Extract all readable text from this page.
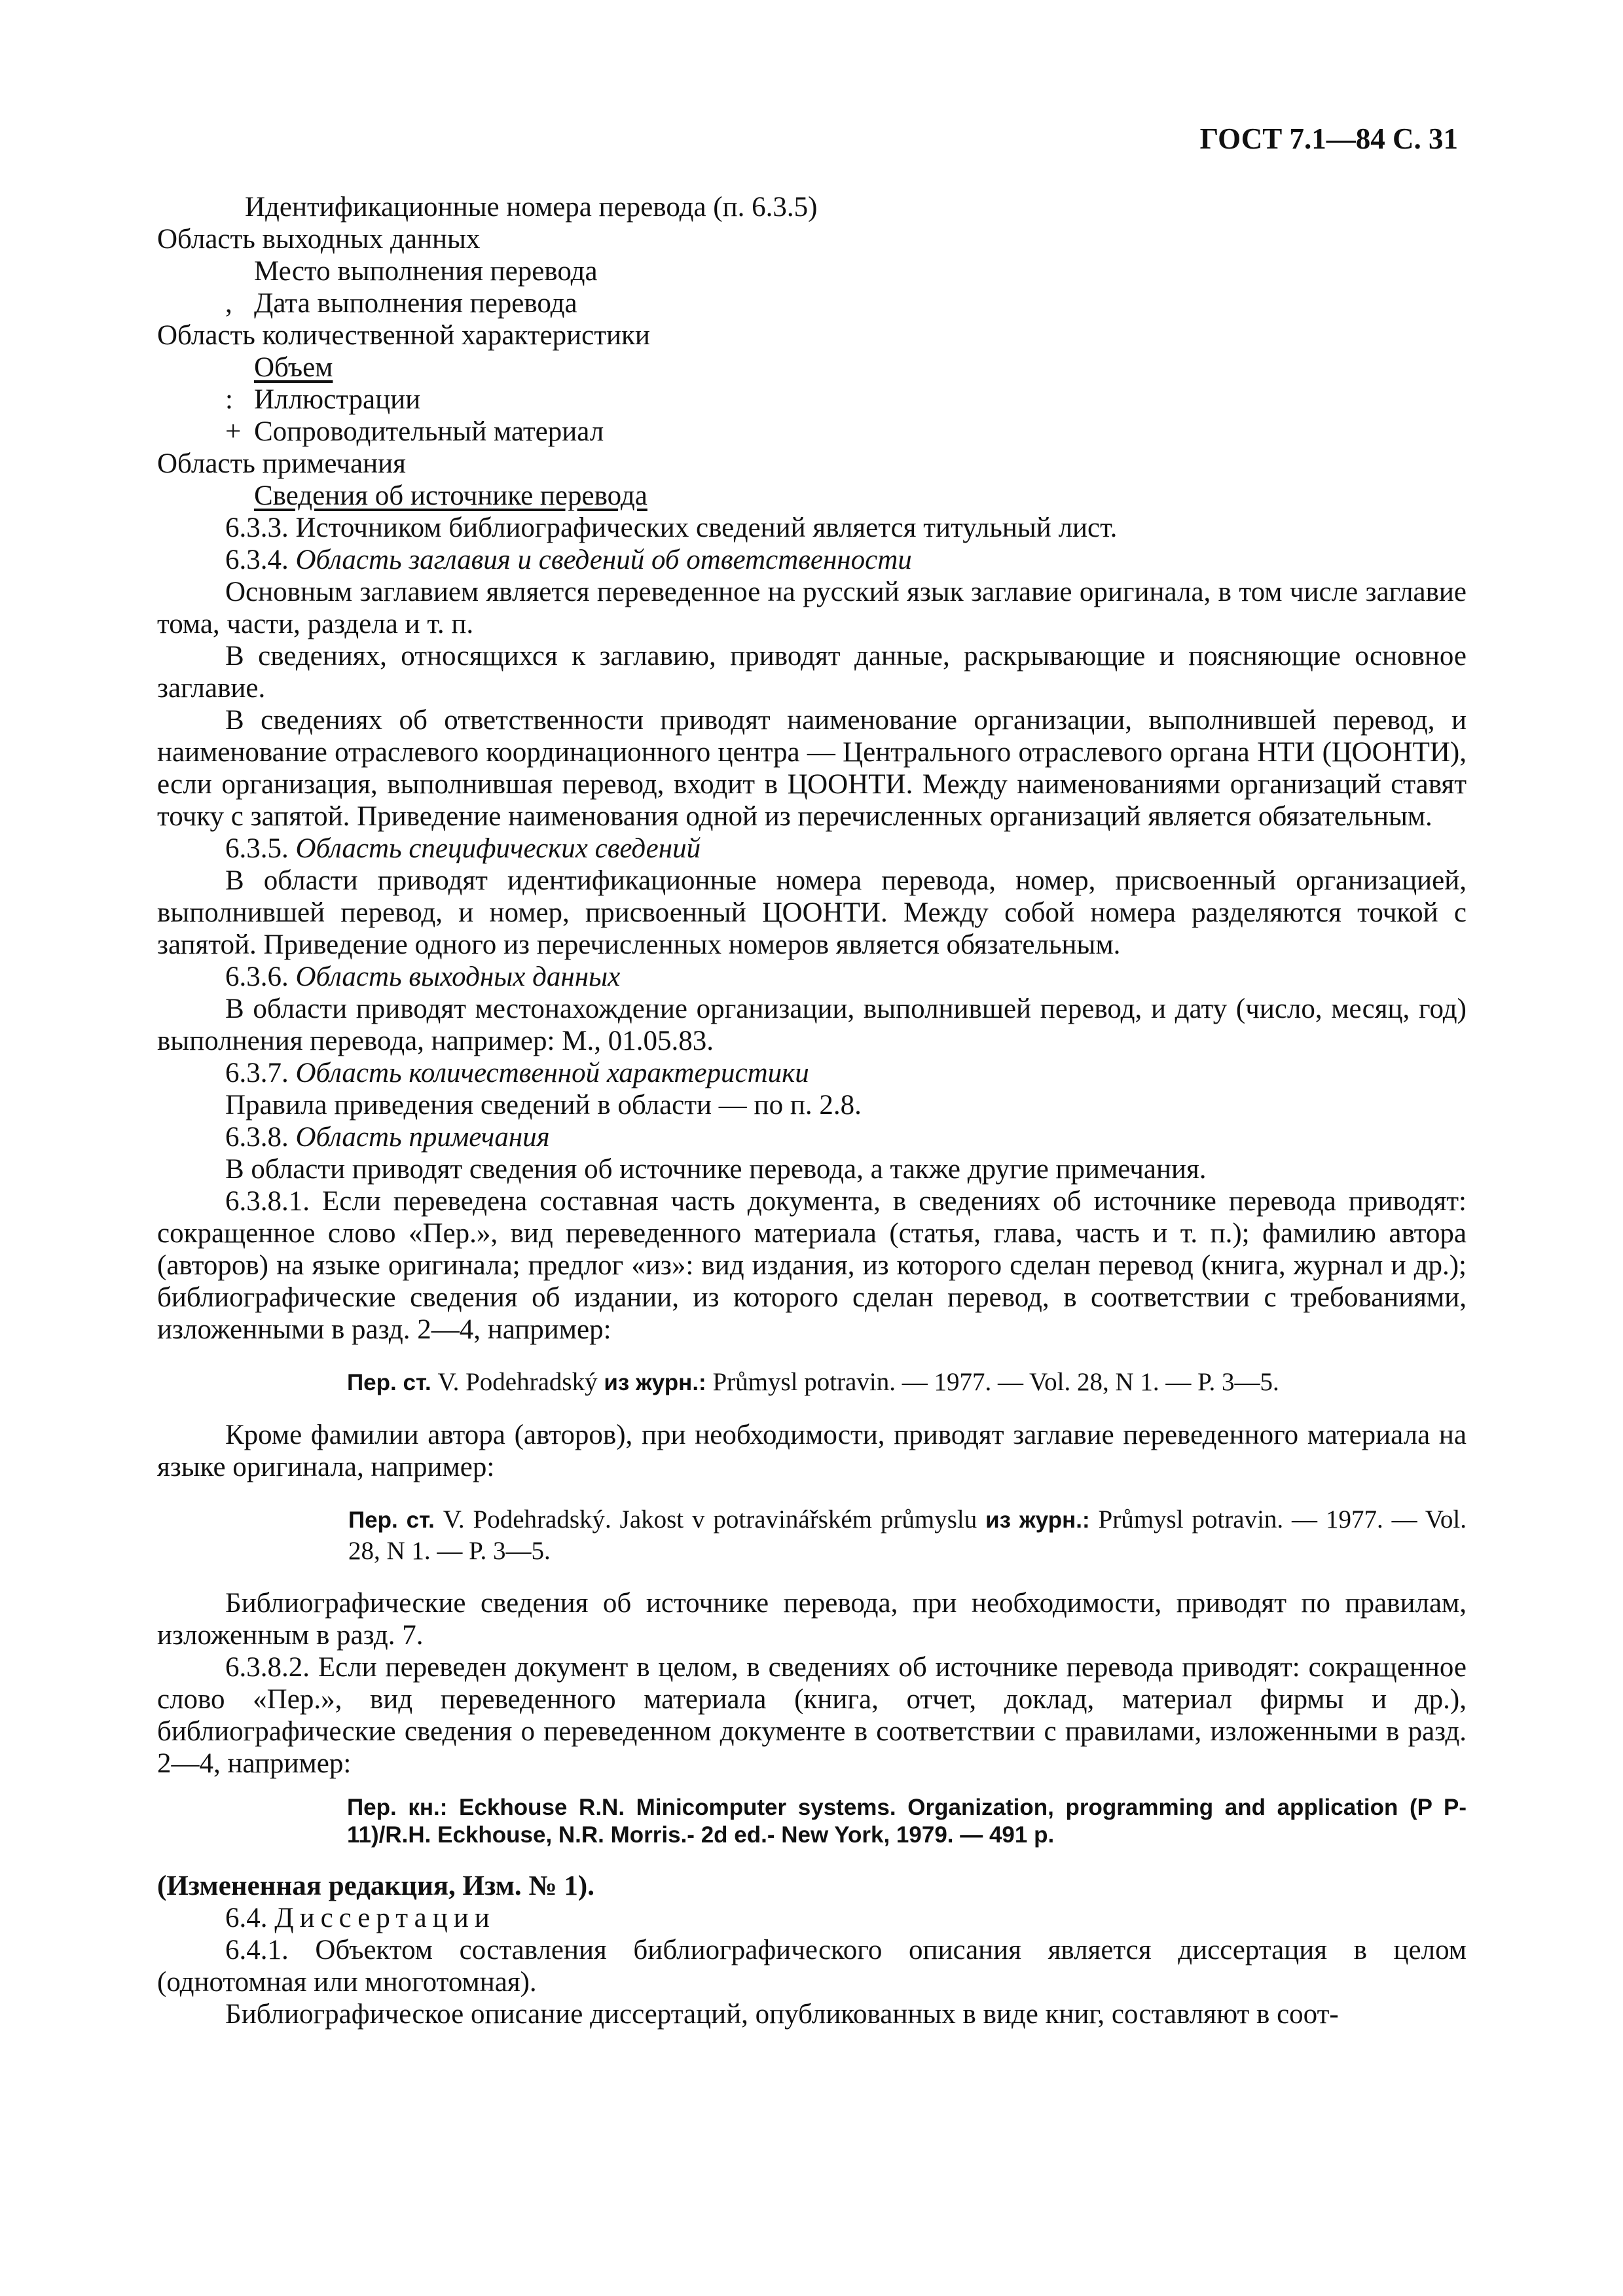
ГОСТ 7.1—84 С. 31

Идентификационные номера перевода (п. 6.3.5)

Область выходных данных

Место выполнения перевода

, Дата выполнения перевода

Область количественной характеристики

Объем

: Иллюстрации

+ Сопроводительный материал

Область примечания

Сведения об источнике перевода

6.3.3. Источником библиографических сведений является титульный лист.

6.3.4. Область заглавия и сведений об ответственности

Основным заглавием является переведенное на русский язык заглавие оригинала, в том числе заглавие тома, части, раздела и т. п.

В сведениях, относящихся к заглавию, приводят данные, раскрывающие и поясняющие основное заглавие.

В сведениях об ответственности приводят наименование организации, выполнившей перевод, и наименование отраслевого координационного центра — Центрального отраслевого органа НТИ (ЦООНТИ), если организация, выполнившая перевод, входит в ЦООНТИ. Между наименованиями организаций ставят точку с запятой. Приведение наименования одной из перечисленных организаций является обязательным.

6.3.5. Область специфических сведений

В области приводят идентификационные номера перевода, номер, присвоенный организацией, выполнившей перевод, и номер, присвоенный ЦООНТИ. Между собой номера разделяются точкой с запятой. Приведение одного из перечисленных номеров является обязательным.

6.3.6. Область выходных данных

В области приводят местонахождение организации, выполнившей перевод, и дату (число, месяц, год) выполнения перевода, например: М., 01.05.83.

6.3.7. Область количественной характеристики

Правила приведения сведений в области — по п. 2.8.

6.3.8. Область примечания

В области приводят сведения об источнике перевода, а также другие примечания.

6.3.8.1. Если переведена составная часть документа, в сведениях об источнике перевода приводят: сокращенное слово «Пер.», вид переведенного материала (статья, глава, часть и т. п.); фамилию автора (авторов) на языке оригинала; предлог «из»: вид издания, из которого сделан перевод (книга, журнал и др.); библиографические сведения об издании, из которого сделан перевод, в соответствии с требованиями, изложенными в разд. 2—4, например:

Пер. ст. V. Podehradský из журн.: Průmysl potravin. — 1977. — Vol. 28, N 1. — P. 3—5.

Кроме фамилии автора (авторов), при необходимости, приводят заглавие переведенного материала на языке оригинала, например:

Пер. ст. V. Podehradský. Jakost v potravinářském průmyslu из журн.: Průmysl potravin. — 1977. — Vol. 28, N 1. — P. 3—5.

Библиографические сведения об источнике перевода, при необходимости, приводят по правилам, изложенным в разд. 7.

6.3.8.2. Если переведен документ в целом, в сведениях об источнике перевода приводят: сокращенное слово «Пер.», вид переведенного материала (книга, отчет, доклад, материал фирмы и др.), библиографические сведения о переведенном документе в соответствии с правилами, изложенными в разд. 2—4, например:

Пер. кн.: Eckhouse R.N. Minicomputer systems. Organization, programming and application (P P-11)/R.H. Eckhouse, N.R. Morris.- 2d ed.- New York, 1979. — 491 p.

(Измененная редакция, Изм. № 1).

6.4. Диссертации

6.4.1. Объектом составления библиографического описания является диссертация в целом (однотомная или многотомная).

Библиографическое описание диссертаций, опубликованных в виде книг, составляют в соот-
